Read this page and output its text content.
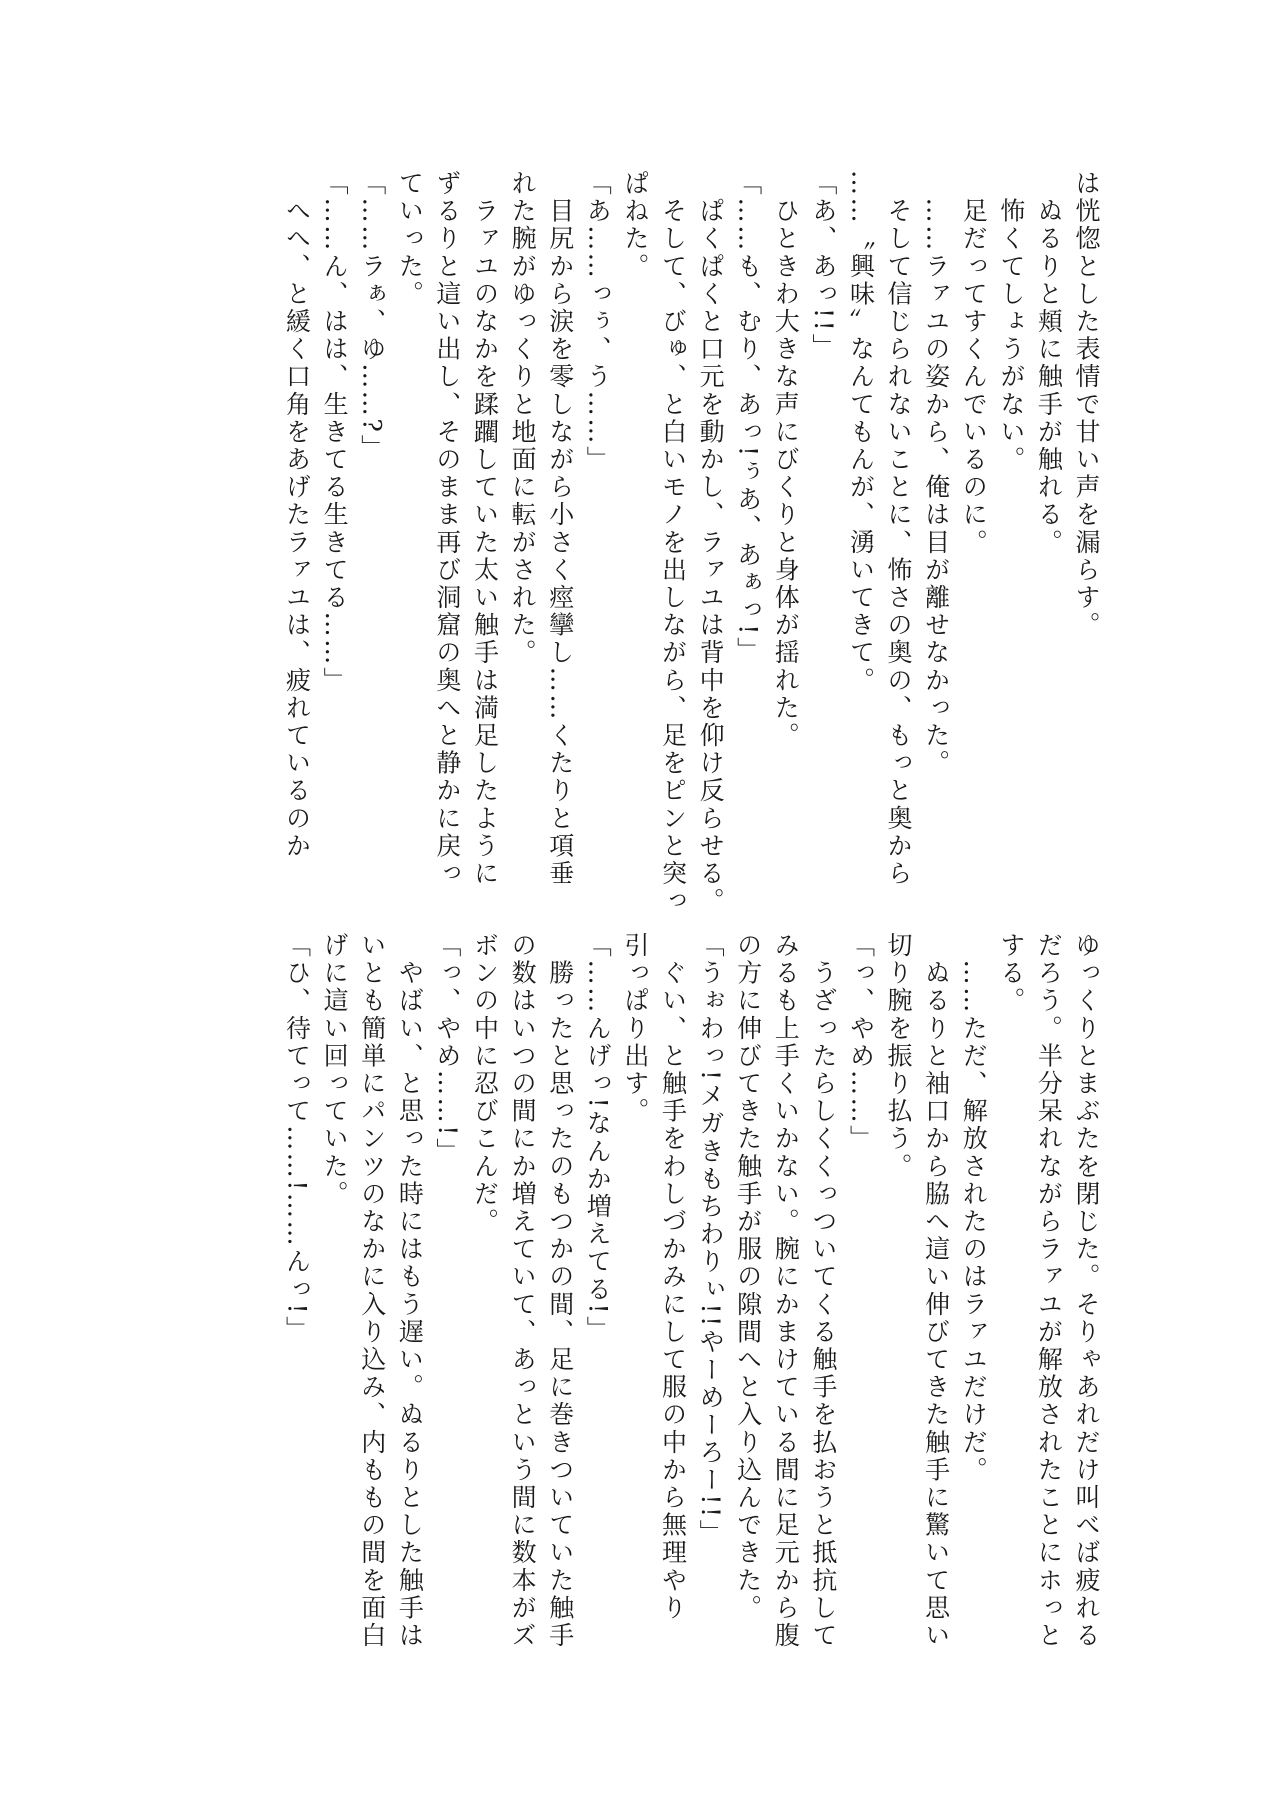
は恍惚とした表情で甘い声を漏らす。
　ぬるりと頬に触手が触れる。
　怖くてしょうがない。
　足だってすくんでいるのに。
　……ラァユの姿から、俺は目が離せなかった。
　そして信じられないことに、怖さの奥の、もっと奥から
……〝興味〟なんてもんが、湧いてきて。
「あ、あっ!!」
　ひときわ大きな声にびくりと身体が揺れた。
「……も、むり、あっ!ぅあ、あぁっ!」
　ぱくぱくと口元を動かし、ラァユは背中を仰け反らせる。
　そして、びゅ、と白いモノを出しながら、足をピンと突っ
ぱねた。
「あ……っぅ、う……」
　目尻から涙を零しながら小さく痙攣し……くたりと項垂
れた腕がゆっくりと地面に転がされた。
　ラァユのなかを蹂躙していた太い触手は満足したように
ずるりと這い出し、そのまま再び洞窟の奥へと静かに戻っ
ていった。
「……ラぁ、ゆ……?」
「……ん、はは、生きてる生きてる……」
　へへ、と緩く口角をあげたラァユは、疲れているのか
ゆっくりとまぶたを閉じた。そりゃあれだけ叫べば疲れる
だろう。半分呆れながらラァユが解放されたことにホっと
する。
　……ただ、解放されたのはラァユだけだ。
　ぬるりと袖口から脇へ這い伸びてきた触手に驚いて思い
切り腕を振り払う。
「っ、やめ……」
　うざったらしくくっついてくる触手を払おうと抵抗して
みるも上手くいかない。腕にかまけている間に足元から腹
の方に伸びてきた触手が服の隙間へと入り込んできた。
「うぉわっ!メガきもちわりぃ!!やーめーろー!!」
　ぐい、と触手をわしづかみにして服の中から無理やり
引っぱり出す。
「……んげっ!なんか増えてる!」
　勝ったと思ったのもつかの間、足に巻きついていた触手
の数はいつの間にか増えていて、あっという間に数本がズ
ボンの中に忍びこんだ。
「っ、やめ……!」
　やばい、と思った時にはもう遅い。ぬるりとした触手は
いとも簡単にパンツのなかに入り込み、内ももの間を面白
げに這い回っていた。
「ひ、待てって……!……んっ!」
